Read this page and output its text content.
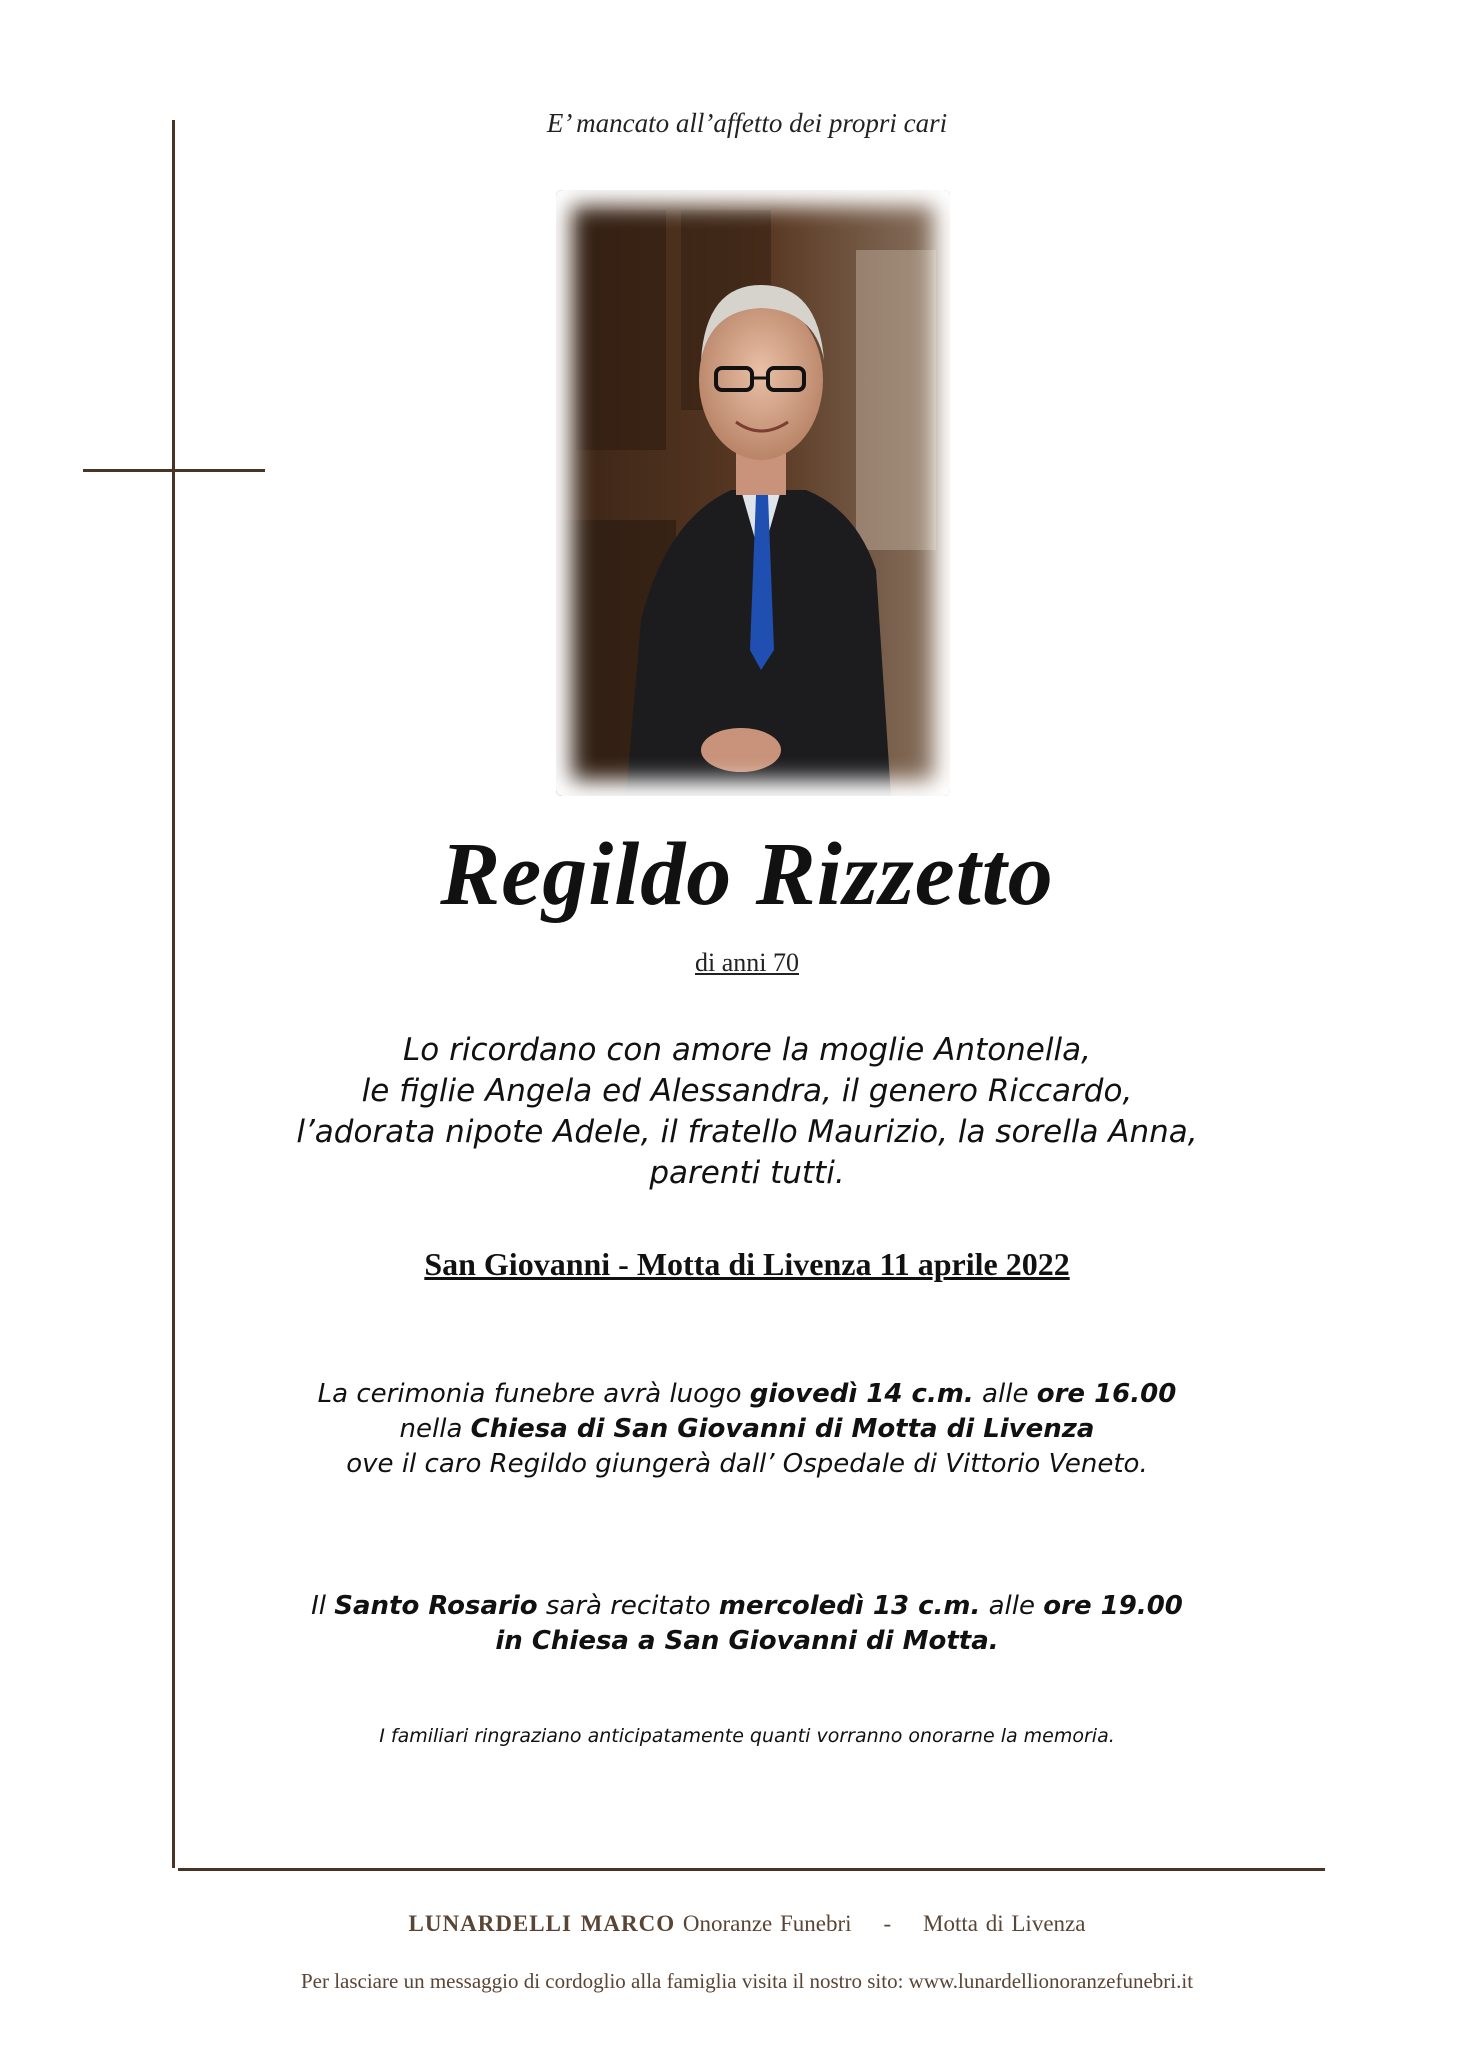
E’ mancato all’affetto dei propri cari
Regildo Rizzetto
di anni 70
Lo ricordano con amore la moglie Antonella,
le figlie Angela ed Alessandra, il genero Riccardo,
l’adorata nipote Adele, il fratello Maurizio, la sorella Anna,
parenti tutti.
San Giovanni - Motta di Livenza 11 aprile 2022
La cerimonia funebre avrà luogo giovedì 14 c.m. alle ore 16.00
nella Chiesa di San Giovanni di Motta di Livenza
ove il caro Regildo giungerà dall’ Ospedale di Vittorio Veneto.
Il Santo Rosario sarà recitato mercoledì 13 c.m. alle ore 19.00
in Chiesa a San Giovanni di Motta.
I familiari ringraziano anticipatamente quanti vorranno onorarne la memoria.
LUNARDELLI MARCO Onoranze Funebri - Motta di Livenza
Per lasciare un messaggio di cordoglio alla famiglia visita il nostro sito: www.lunardellionoranzefunebri.it
